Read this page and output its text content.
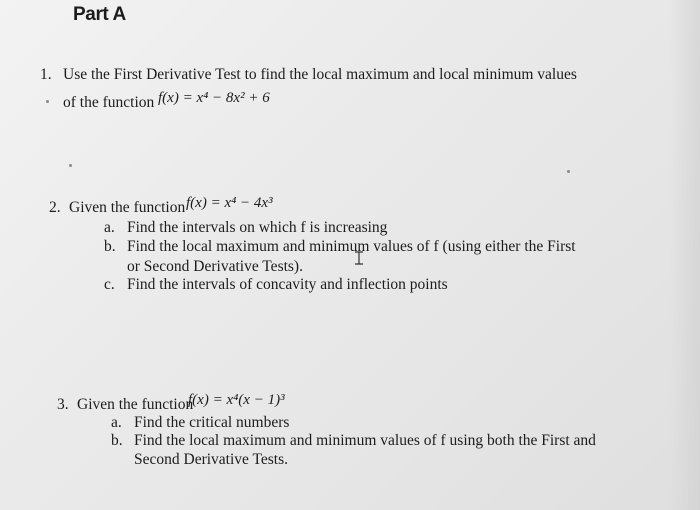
Part A
1. Use the First Derivative Test to find the local maximum and local minimum values
of the function f(x) = x⁴ − 8x² + 6
2. Given the function f(x) = x⁴ − 4x³
a. Find the intervals on which f is increasing
b. Find the local maximum and minimum values of f (using either the First
or Second Derivative Tests).
c. Find the intervals of concavity and inflection points
3. Given the function
f(x) = x⁴(x − 1)³
a. Find the critical numbers
b. Find the local maximum and minimum values of f using both the First and
Second Derivative Tests.
